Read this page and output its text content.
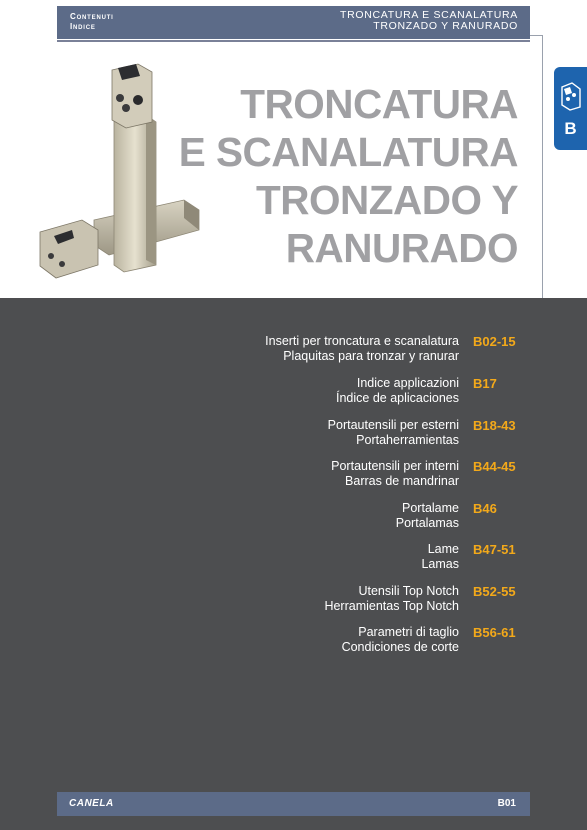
Contenuti
Indice
TRONCATURA E SCANALATURA
TRONZADO Y RANURADO
TRONCATURA
E SCANALATURA
TRONZADO Y
RANURADO
B
Inserti per troncatura e scanalatura
Plaquitas para tronzar y ranurar
B02-15
Indice applicazioni
Índice de aplicaciones
B17
Portautensili per esterni
Portaherramientas
B18-43
Portautensili per interni
Barras de mandrinar
B44-45
Portalame
Portalamas
B46
Lame
Lamas
B47-51
Utensili Top Notch
Herramientas Top Notch
B52-55
Parametri di taglio
Condiciones de corte
B56-61
CANELA	B01
